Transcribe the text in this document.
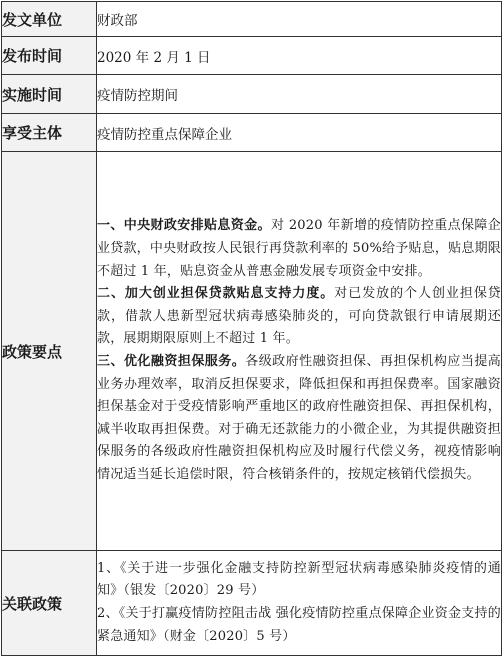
发文单位	财政部
发布时间	2020 年 2 月 1 日
实施时间	疫情防控期间
享受主体	疫情防控重点保障企业
政策要点	一、中央财政安排贴息资金。对 2020 年新增的疫情防控重点保障企业贷款，中央财政按人民银行再贷款利率的 50%给予贴息，贴息期限不超过 1 年，贴息资金从普惠金融发展专项资金中安排。

二、加大创业担保贷款贴息支持力度。对已发放的个人创业担保贷款，借款人患新型冠状病毒感染肺炎的，可向贷款银行申请展期还款，展期期限原则上不超过 1 年。

三、优化融资担保服务。各级政府性融资担保、再担保机构应当提高业务办理效率，取消反担保要求，降低担保和再担保费率。国家融资担保基金对于受疫情影响严重地区的政府性融资担保、再担保机构，减半收取再担保费。对于确无还款能力的小微企业，为其提供融资担保服务的各级政府性融资担保机构应及时履行代偿义务，视疫情影响情况适当延长追偿时限，符合核销条件的，按规定核销代偿损失。

关联政策	1、《关于进一步强化金融支持防控新型冠状病毒感染肺炎疫情的通知》（银发〔2020〕29 号）

2、《关于打赢疫情防控阻击战 强化疫情防控重点保障企业资金支持的紧急通知》（财金〔2020〕5 号）
